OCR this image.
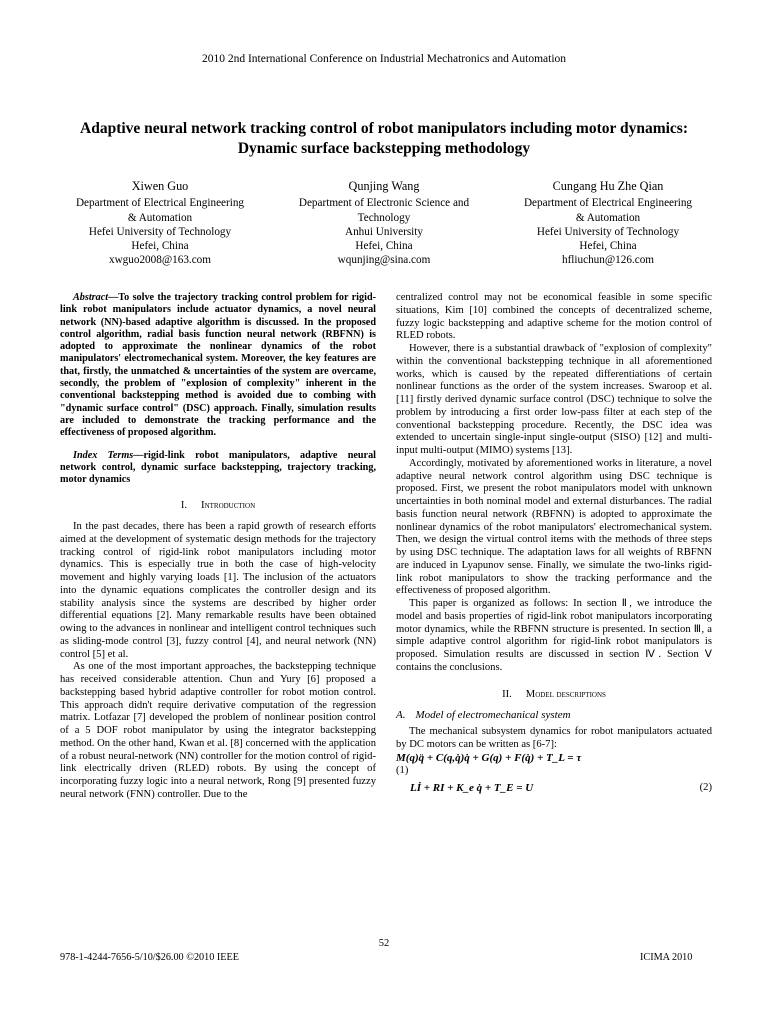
2010 2nd International Conference on Industrial Mechatronics and Automation
Adaptive neural network tracking control of robot manipulators including motor dynamics: Dynamic surface backstepping methodology
Xiwen Guo
Department of Electrical Engineering
& Automation
Hefei University of Technology
Hefei, China
xwguo2008@163.com
Qunjing Wang
Department of Electronic Science and
Technology
Anhui University
Hefei, China
wqunjing@sina.com
Cungang Hu Zhe Qian
Department of Electrical Engineering
& Automation
Hefei University of Technology
Hefei, China
hfliuchun@126.com

Abstract—To solve the trajectory tracking control problem for rigid-link robot manipulators include actuator dynamics, a novel neural network (NN)-based adaptive algorithm is discussed. In the proposed control algorithm, radial basis function neural network (RBFNN) is adopted to approximate the nonlinear dynamics of the robot manipulators' electromechanical system. Moreover, the key features are that, firstly, the unmatched & uncertainties of the system are overcame, secondly, the problem of "explosion of complexity" inherent in the conventional backstepping method is avoided due to combing with "dynamic surface control" (DSC) approach. Finally, simulation results are included to demonstrate the tracking performance and the effectiveness of proposed algorithm.

Index Terms—rigid-link robot manipulators, adaptive neural network control, dynamic surface backstepping, trajectory tracking, motor dynamics

I. Introduction

In the past decades, there has been a rapid growth of research efforts aimed at the development of systematic design methods for the trajectory tracking control of rigid-link robot manipulators including motor dynamics. This is especially true in both the case of high-velocity movement and highly varying loads [1]. The inclusion of the actuators into the dynamic equations complicates the controller design and its stability analysis since the systems are described by higher order differential equations [2]. Many remarkable results have been obtained owing to the advances in nonlinear and intelligent control techniques such as sliding-mode control [3], fuzzy control [4], and neural network (NN) control [5] et al.

As one of the most important approaches, the backstepping technique has received considerable attention. Chun and Yury [6] proposed a backstepping based hybrid adaptive controller for robot motion control. This approach didn't require derivative computation of the regression matrix. Lotfazar [7] developed the problem of nonlinear position control of a 5 DOF robot manipulator by using the integrator backstepping method. On the other hand, Kwan et al. [8] concerned with the application of a robust neural-network (NN) controller for the motion control of rigid-link electrically driven (RLED) robots. By using the concept of incorporating fuzzy logic into a neural network, Rong [9] presented fuzzy neural network (FNN) controller. Due to the

centralized control may not be economical feasible in some specific situations, Kim [10] combined the concepts of decentralized scheme, fuzzy logic backstepping and adaptive scheme for the motion control of RLED robots.

However, there is a substantial drawback of "explosion of complexity" within the conventional backstepping technique in all aforementioned works, which is caused by the repeated differentiations of certain nonlinear functions as the order of the system increases. Swaroop et al. [11] firstly derived dynamic surface control (DSC) technique to solve the problem by introducing a first order low-pass filter at each step of the conventional backstepping procedure. Recently, the DSC idea was extended to uncertain single-input single-output (SISO) [12] and multi-input multi-output (MIMO) systems [13].

Accordingly, motivated by aforementioned works in literature, a novel adaptive neural network control algorithm using DSC technique is proposed. First, we present the robot manipulators model with unknown uncertainties in both nominal model and external disturbances. The radial basis function neural network (RBFNN) is adopted to approximate the nonlinear dynamics of the robot manipulators' electromechanical system. Then, we design the virtual control items with the methods of three steps by using DSC technique. The adaptation laws for all weights of RBFNN are induced in Lyapunov sense. Finally, we simulate the two-links rigid-link robot manipulators to show the tracking performance and the effectiveness of proposed algorithm.

This paper is organized as follows: In section Ⅱ, we introduce the model and basis properties of rigid-link robot manipulators incorporating motor dynamics, while the RBFNN structure is presented. In section Ⅲ, a simple adaptive control algorithm for rigid-link robot manipulators is proposed. Simulation results are discussed in section Ⅳ. Section Ⅴ contains the conclusions.

II. Model descriptions

A. Model of electromechanical system

The mechanical subsystem dynamics for robot manipulators actuated by DC motors can be written as [6-7]:

M(q)q̈ + C(q,q̇)q̇ + G(q) + F(q̇) + T_L = τ

(1)

Lİ + RI + K_e q̇ + T_E = U	(2)

52
978-1-4244-7656-5/10/$26.00 ©2010 IEEE	ICIMA 2010
